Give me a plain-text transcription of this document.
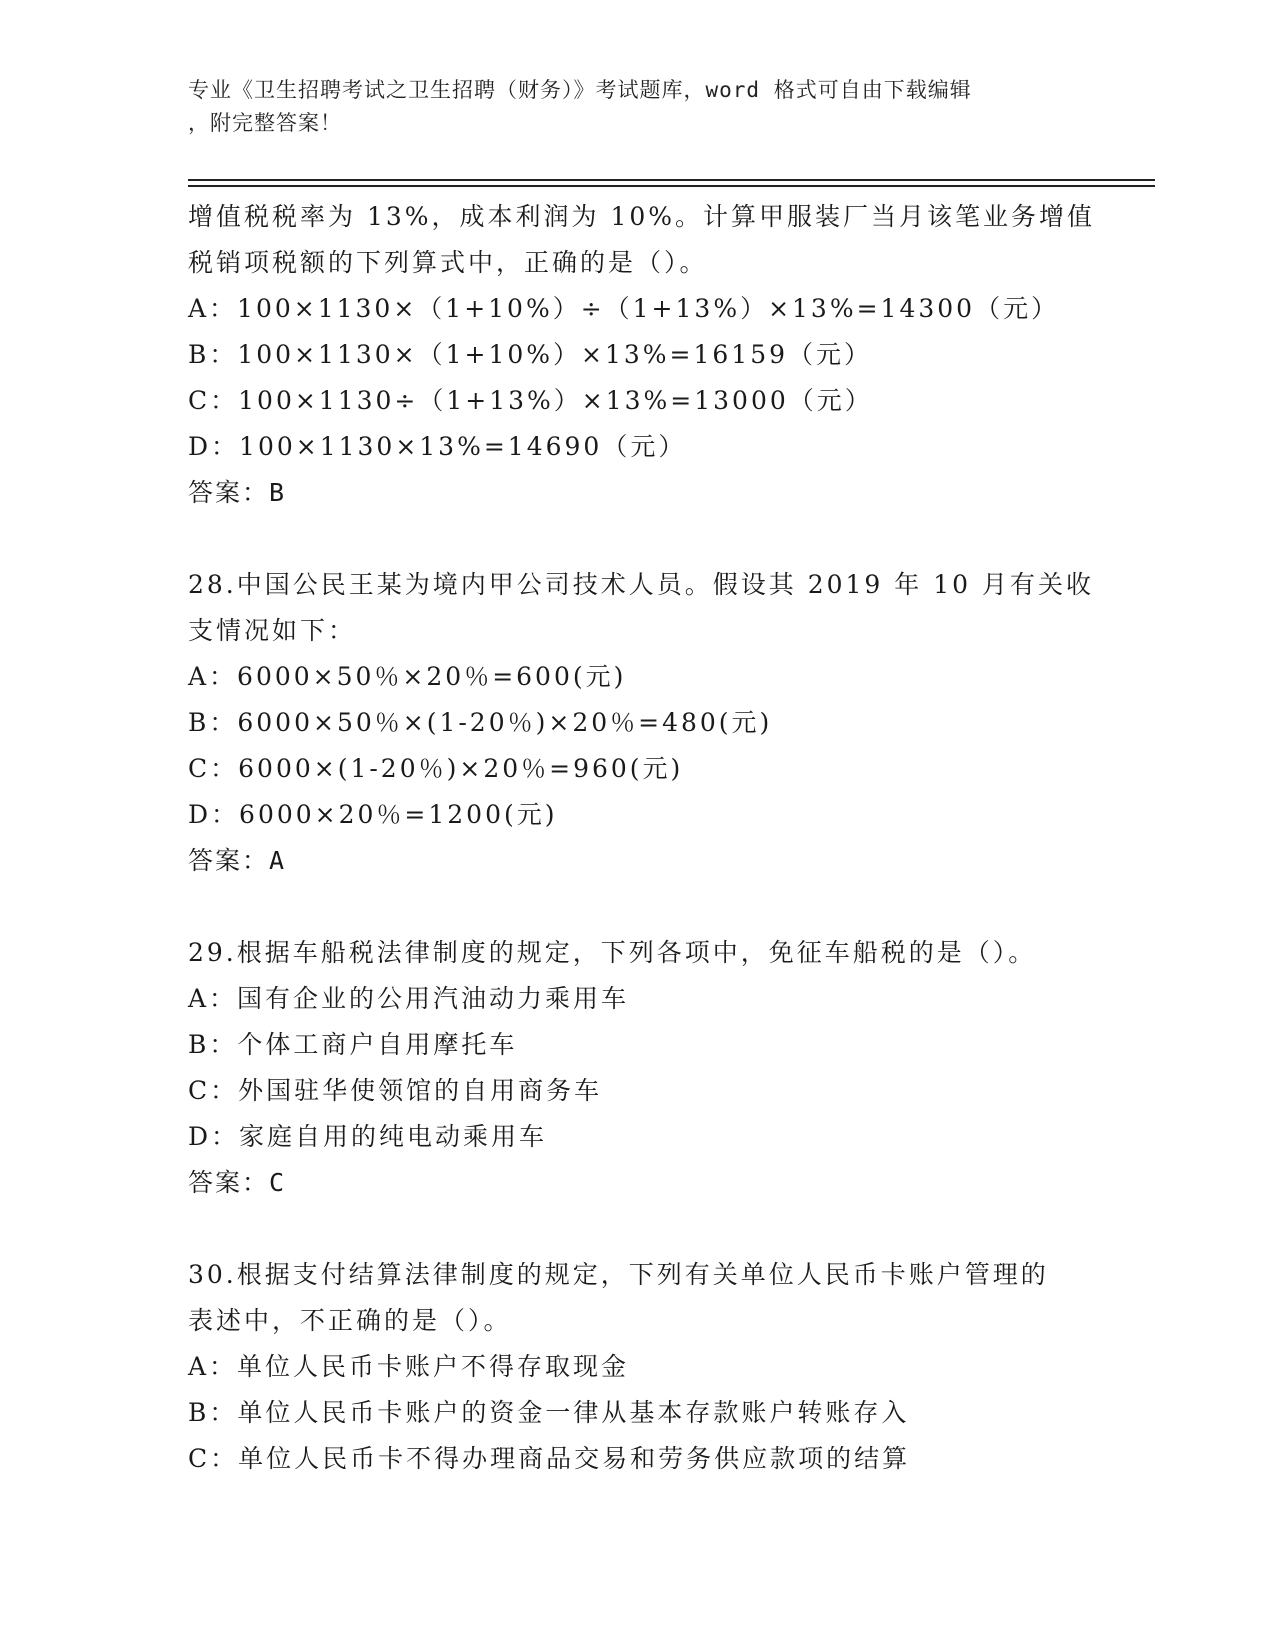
专业《卫生招聘考试之卫生招聘（财务）》考试题库，word 格式可自由下载编辑
，附完整答案！
增值税税率为 13%，成本利润为 10%。计算甲服装厂当月该笔业务增值
税销项税额的下列算式中，正确的是（）。
A：100×1130×（1+10%）÷（1+13%）×13%=14300（元）
B：100×1130×（1+10%）×13%=16159（元）
C：100×1130÷（1+13%）×13%=13000（元）
D：100×1130×13%=14690（元）
答案：B
28.中国公民王某为境内甲公司技术人员。假设其 2019 年 10 月有关收
支情况如下：
A：6000×50％×20％=600(元)
B：6000×50％×(1-20％)×20％=480(元)
C：6000×(1-20％)×20％=960(元)
D：6000×20％=1200(元)
答案：A
29.根据车船税法律制度的规定，下列各项中，免征车船税的是（）。
A：国有企业的公用汽油动力乘用车
B：个体工商户自用摩托车
C：外国驻华使领馆的自用商务车
D：家庭自用的纯电动乘用车
答案：C
30.根据支付结算法律制度的规定，下列有关单位人民币卡账户管理的
表述中，不正确的是（）。
A：单位人民币卡账户不得存取现金
B：单位人民币卡账户的资金一律从基本存款账户转账存入
C：单位人民币卡不得办理商品交易和劳务供应款项的结算
